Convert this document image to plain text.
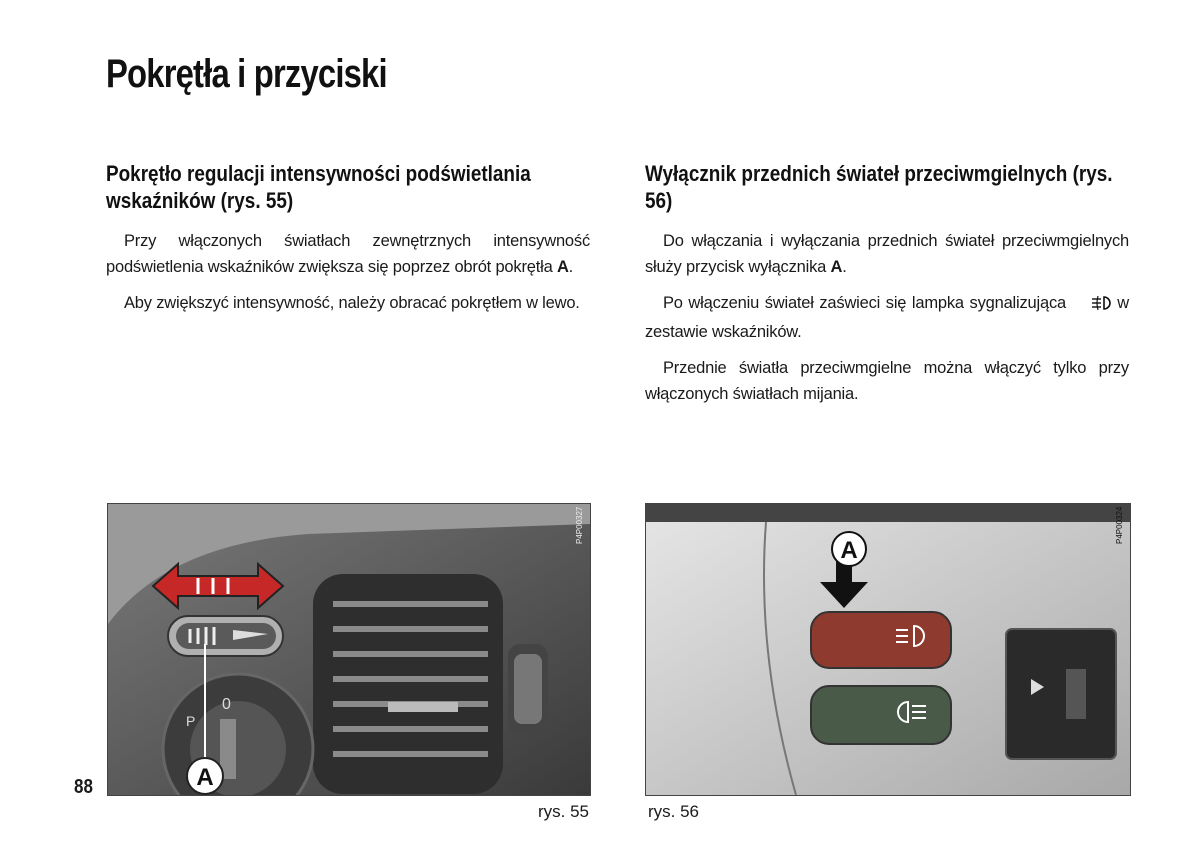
Pokrętła i przyciski
Pokrętło regulacji intensywności podświetlania wskaźników (rys. 55)

Przy włączonych światłach zewnętrznych intensywność podświetlenia wskaźników zwiększa się poprzez obrót pokrętła A.

Aby zwiększyć intensywność, należy obracać pokrętłem w lewo.

Wyłącznik przednich świateł przeciwmgielnych (rys. 56)

Do włączania i wyłączania przednich świateł przeciwmgielnych służy przycisk wyłącznika A.

Po włączeniu świateł zaświeci się lampka sygnalizująca  w zestawie wskaźników.

Przednie światła przeciwmgielne można włączyć tylko przy włączonych światłach mijania.

P
0
A
P4P00327
A
P4P00324
rys. 55	rys. 56
88
